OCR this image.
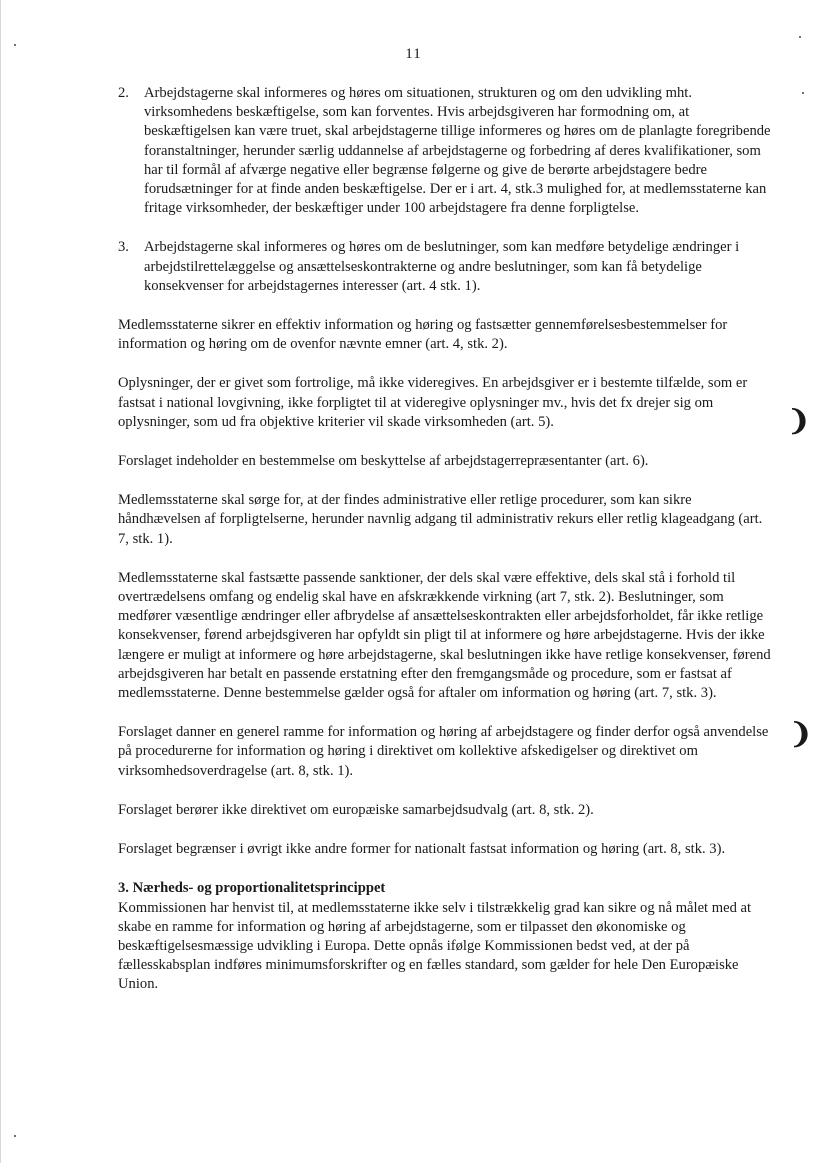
11
2.	Arbejdstagerne skal informeres og høres om situationen, strukturen og om den udvikling mht. virksomhedens beskæftigelse, som kan forventes. Hvis arbejdsgiveren har formodning om, at beskæftigelsen kan være truet, skal arbejdstagerne tillige informeres og høres om de planlagte foregribende foranstaltninger, herunder særlig uddannelse af arbejdstagerne og forbedring af deres kvalifikationer, som har til formål af afværge negative eller begrænse følgerne og give de berørte arbejdstagere bedre forudsætninger for at finde anden beskæftigelse. Der er i art. 4, stk.3 mulighed for, at medlemsstaterne kan fritage virksomheder, der beskæftiger under 100 arbejdstagere fra denne forpligtelse.
3.	Arbejdstagerne skal informeres og høres om de beslutninger, som kan medføre betydelige ændringer i arbejdstilrettelæggelse og ansættelseskontrakterne og andre beslutninger, som kan få betydelige konsekvenser for arbejdstagernes interesser (art. 4 stk. 1).

Medlemsstaterne sikrer en effektiv information og høring og fastsætter gennemførelsesbestemmelser for information og høring om de ovenfor nævnte emner (art. 4, stk. 2).

Oplysninger, der er givet som fortrolige, må ikke videregives. En arbejdsgiver er i bestemte tilfælde, som er fastsat i national lovgivning, ikke forpligtet til at videregive oplysninger mv., hvis det fx drejer sig om oplysninger, som ud fra objektive kriterier vil skade virksomheden (art. 5).

Forslaget indeholder en bestemmelse om beskyttelse af arbejdstagerrepræsentanter (art. 6).

Medlemsstaterne skal sørge for, at der findes administrative eller retlige procedurer, som kan sikre håndhævelsen af forpligtelserne, herunder navnlig adgang til administrativ rekurs eller retlig klageadgang (art. 7, stk. 1).

Medlemsstaterne skal fastsætte passende sanktioner, der dels skal være effektive, dels skal stå i forhold til overtrædelsens omfang og endelig skal have en afskrækkende virkning (art 7, stk. 2). Beslutninger, som medfører væsentlige ændringer eller afbrydelse af ansættelseskontrakten eller arbejdsforholdet, får ikke retlige konsekvenser, førend arbejdsgiveren har opfyldt sin pligt til at informere og høre arbejdstagerne. Hvis der ikke længere er muligt at informere og høre arbejdstagerne, skal beslutningen ikke have retlige konsekvenser, førend arbejdsgiveren har betalt en passende erstatning efter den fremgangsmåde og procedure, som er fastsat af medlemsstaterne. Denne bestemmelse gælder også for aftaler om information og høring (art. 7, stk. 3).

Forslaget danner en generel ramme for information og høring af arbejdstagere og finder derfor også anvendelse på procedurerne for information og høring i direktivet om kollektive afskedigelser og direktivet om virksomhedsoverdragelse (art. 8, stk. 1).

Forslaget berører ikke direktivet om europæiske samarbejdsudvalg (art. 8, stk. 2).

Forslaget begrænser i øvrigt ikke andre former for nationalt fastsat information og høring (art. 8, stk. 3).

3. Nærheds- og proportionalitetsprincippet

Kommissionen har henvist til, at medlemsstaterne ikke selv i tilstrækkelig grad kan sikre og nå målet med at skabe en ramme for information og høring af arbejdstagerne, som er tilpasset den økonomiske og beskæftigelsesmæssige udvikling i Europa. Dette opnås ifølge Kommissionen bedst ved, at der på fællesskabsplan indføres minimumsforskrifter og en fælles standard, som gælder for hele Den Europæiske Union.

❩
❩
